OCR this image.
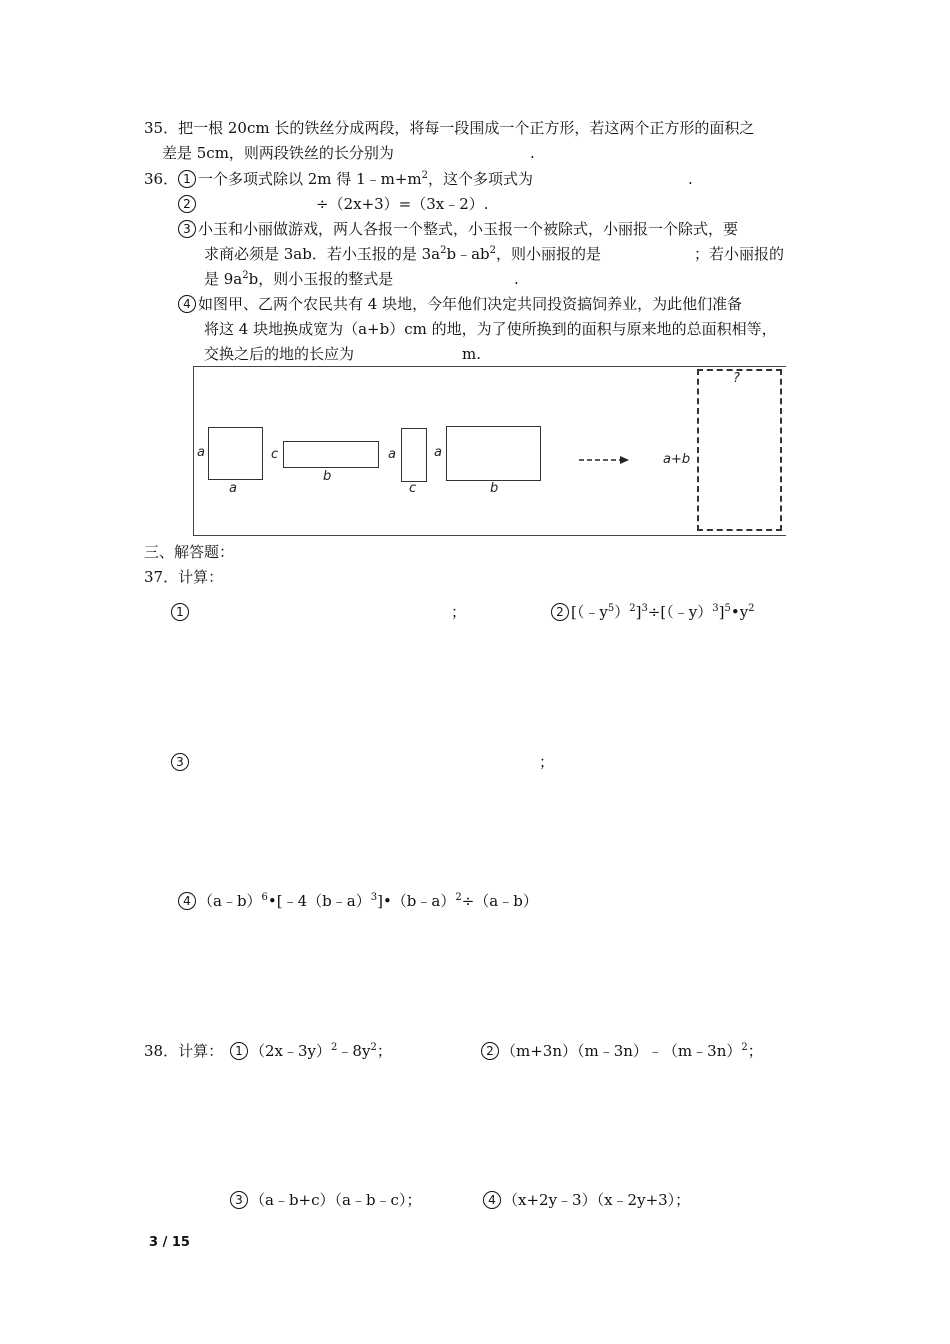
35．把一根 20cm 长的铁丝分成两段，将每一段围成一个正方形，若这两个正方形的面积之
差是 5cm，则两段铁丝的长分别为	.
36． 1 一个多项式除以 2m 得 $1﹣m+m^2$，这个多项式为	.
2	÷（2x+3）=（3x﹣2）.
3 小玉和小丽做游戏，两人各报一个整式，小玉报一个被除式，小丽报一个除式，要
求商必须是 3ab．若小玉报的是 $3a^2b﹣ab^2$，则小丽报的是	；若小丽报的
是 $9a^2b$，则小玉报的整式是	.
4 如图甲、乙两个农民共有 4 块地，今年他们决定共同投资搞饲养业，为此他们准备
将这 4 块地换成宽为（a+b）cm 的地，为了使所换到的面积与原来地的总面积相等，
交换之后的地的长应为	m.
a
a
c
b
a
c
a
b
a+b
?
三、解答题：
37．计算：
1	；	2 $[(﹣y^5)^2]^3\div[(﹣y)^3]^5•y^2$
3	；
4 （a﹣b）$^6$•[﹣4（b﹣a）$^3$]•（b﹣a）$^2$÷（a﹣b）
38．计算：	1 $(2x﹣3y)^2﹣8y^2$；	2 （m+3n）（m﹣3n）﹣（m﹣3n）$^2$；
3 （a﹣b+c）（a﹣b﹣c）；	4 （x+2y﹣3）（x﹣2y+3）；
3 / 15
